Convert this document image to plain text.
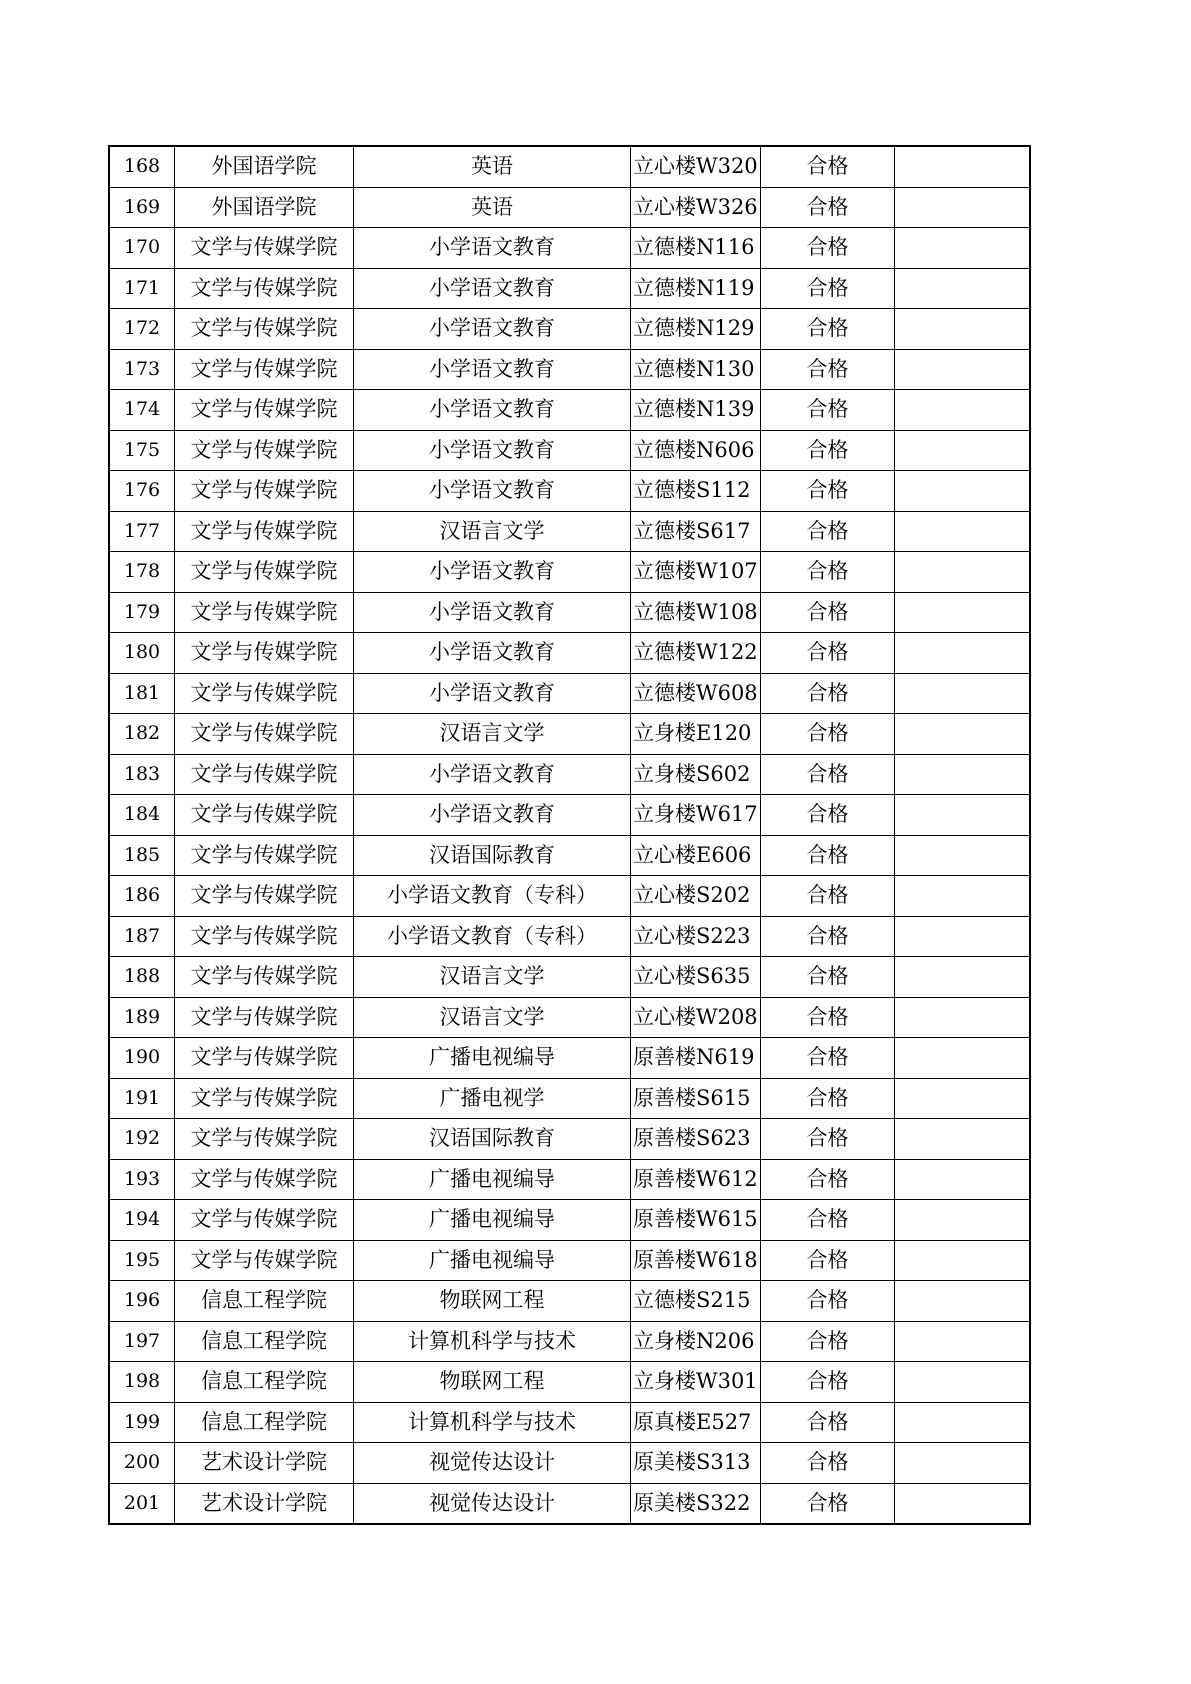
168	外国语学院	英语	立心楼W320	合格	
169	外国语学院	英语	立心楼W326	合格	
170	文学与传媒学院	小学语文教育	立德楼N116	合格	
171	文学与传媒学院	小学语文教育	立德楼N119	合格	
172	文学与传媒学院	小学语文教育	立德楼N129	合格	
173	文学与传媒学院	小学语文教育	立德楼N130	合格	
174	文学与传媒学院	小学语文教育	立德楼N139	合格	
175	文学与传媒学院	小学语文教育	立德楼N606	合格	
176	文学与传媒学院	小学语文教育	立德楼S112	合格	
177	文学与传媒学院	汉语言文学	立德楼S617	合格	
178	文学与传媒学院	小学语文教育	立德楼W107	合格	
179	文学与传媒学院	小学语文教育	立德楼W108	合格	
180	文学与传媒学院	小学语文教育	立德楼W122	合格	
181	文学与传媒学院	小学语文教育	立德楼W608	合格	
182	文学与传媒学院	汉语言文学	立身楼E120	合格	
183	文学与传媒学院	小学语文教育	立身楼S602	合格	
184	文学与传媒学院	小学语文教育	立身楼W617	合格	
185	文学与传媒学院	汉语国际教育	立心楼E606	合格	
186	文学与传媒学院	小学语文教育（专科）	立心楼S202	合格	
187	文学与传媒学院	小学语文教育（专科）	立心楼S223	合格	
188	文学与传媒学院	汉语言文学	立心楼S635	合格	
189	文学与传媒学院	汉语言文学	立心楼W208	合格	
190	文学与传媒学院	广播电视编导	原善楼N619	合格	
191	文学与传媒学院	广播电视学	原善楼S615	合格	
192	文学与传媒学院	汉语国际教育	原善楼S623	合格	
193	文学与传媒学院	广播电视编导	原善楼W612	合格	
194	文学与传媒学院	广播电视编导	原善楼W615	合格	
195	文学与传媒学院	广播电视编导	原善楼W618	合格	
196	信息工程学院	物联网工程	立德楼S215	合格	
197	信息工程学院	计算机科学与技术	立身楼N206	合格	
198	信息工程学院	物联网工程	立身楼W301	合格	
199	信息工程学院	计算机科学与技术	原真楼E527	合格	
200	艺术设计学院	视觉传达设计	原美楼S313	合格	
201	艺术设计学院	视觉传达设计	原美楼S322	合格	
